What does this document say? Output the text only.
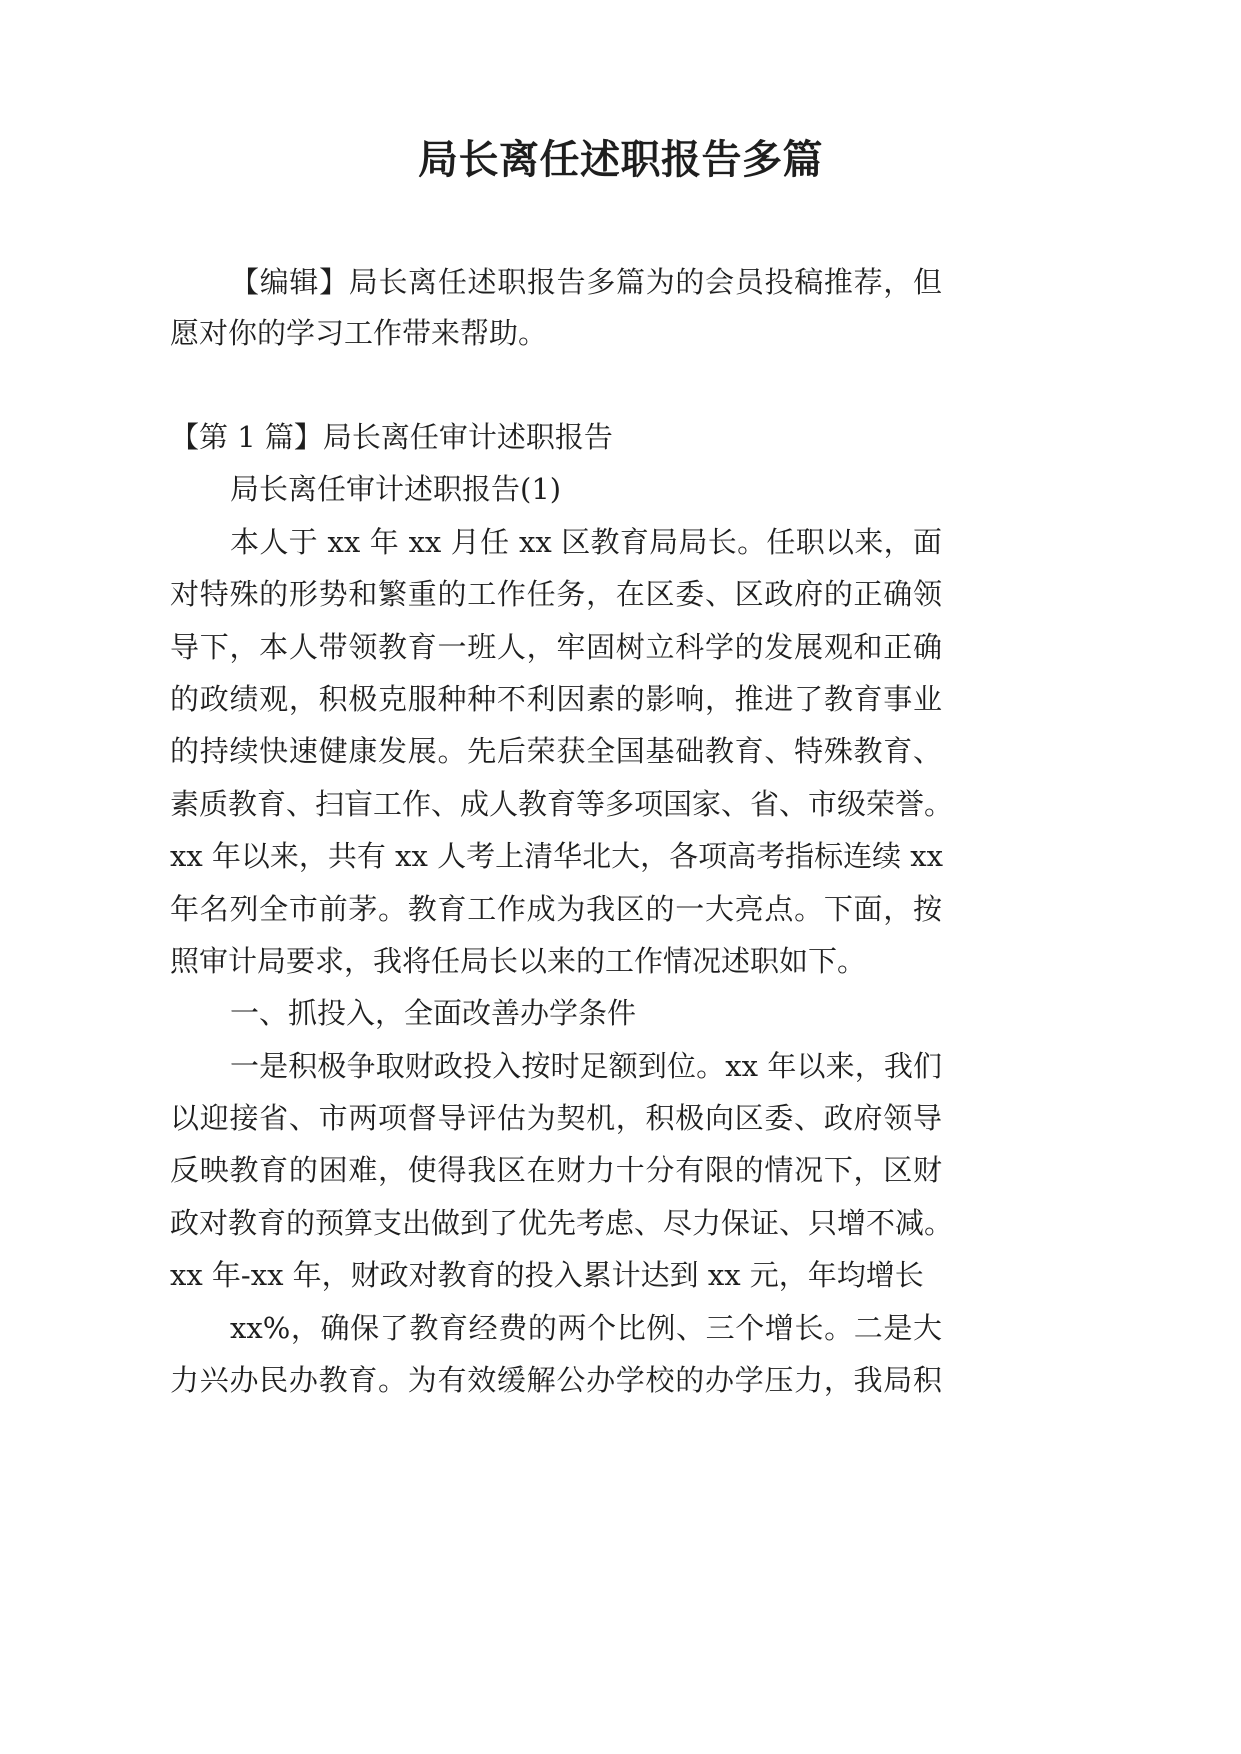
局长离任述职报告多篇
【编辑】局长离任述职报告多篇为的会员投稿推荐，但
愿对你的学习工作带来帮助。
【第 1 篇】局长离任审计述职报告
局长离任审计述职报告(1)
本人于 xx 年 xx 月任 xx 区教育局局长。任职以来，面
对特殊的形势和繁重的工作任务，在区委、区政府的正确领
导下，本人带领教育一班人，牢固树立科学的发展观和正确
的政绩观，积极克服种种不利因素的影响，推进了教育事业
的持续快速健康发展。先后荣获全国基础教育、特殊教育、
素质教育、扫盲工作、成人教育等多项国家、省、市级荣誉。
xx 年以来，共有 xx 人考上清华北大，各项高考指标连续 xx
年名列全市前茅。教育工作成为我区的一大亮点。下面，按
照审计局要求，我将任局长以来的工作情况述职如下。
一、抓投入，全面改善办学条件
一是积极争取财政投入按时足额到位。xx 年以来，我们
以迎接省、市两项督导评估为契机，积极向区委、政府领导
反映教育的困难，使得我区在财力十分有限的情况下，区财
政对教育的预算支出做到了优先考虑、尽力保证、只增不减。
xx 年-xx 年，财政对教育的投入累计达到 xx 元，年均增长
xx%，确保了教育经费的两个比例、三个增长。二是大
力兴办民办教育。为有效缓解公办学校的办学压力，我局积
